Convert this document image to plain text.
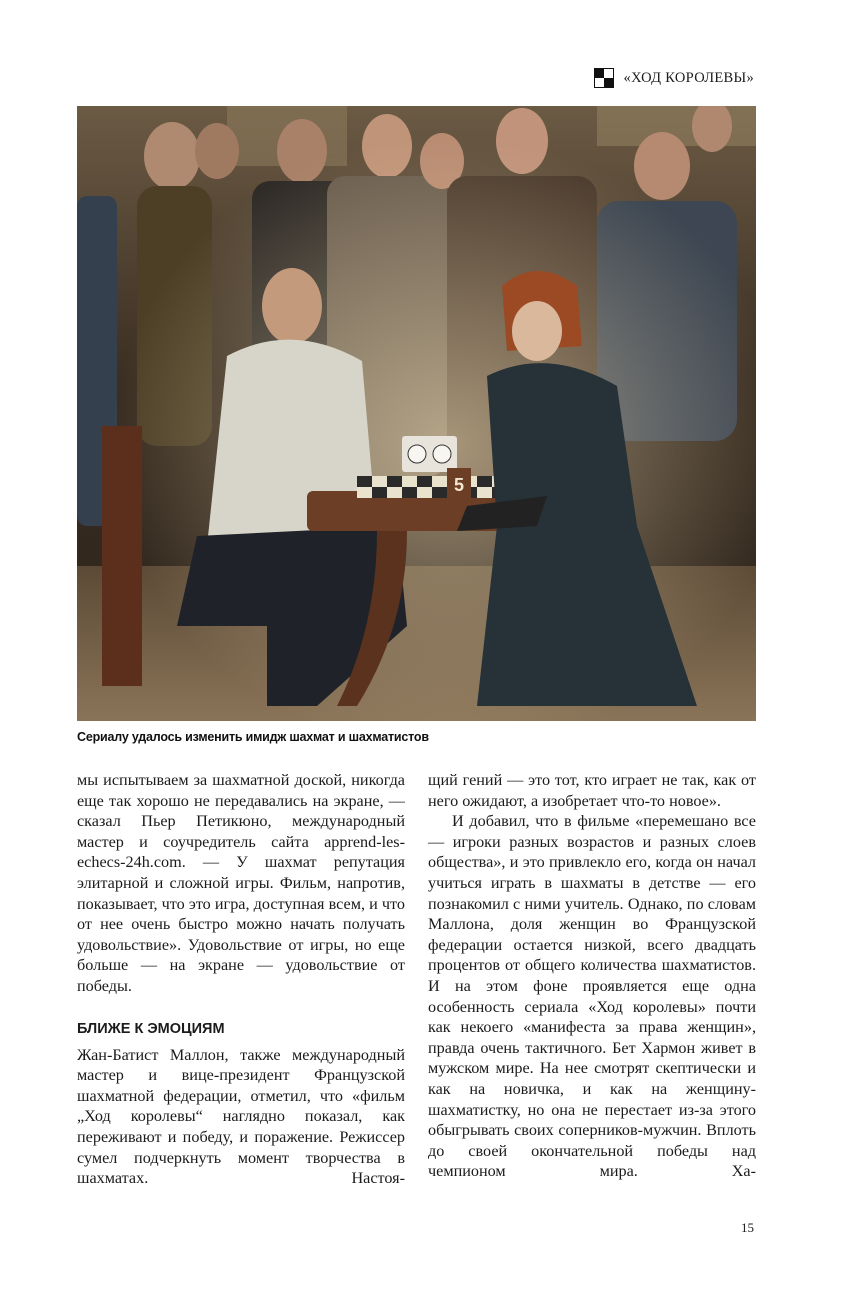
«ХОД КОРОЛЕВЫ»
5
Сериалу удалось изменить имидж шахмат и шахматистов

мы испытываем за шахматной доской, никогда еще так хорошо не передавались на экране, — сказал Пьер Петикюно, международный мастер и соучредитель сайта apprend-les-echecs-24h.com. — У шахмат репутация элитарной и сложной игры. Фильм, напротив, показывает, что это игра, доступная всем, и что от нее очень быстро можно начать получать удовольствие». Удовольствие от игры, но еще больше — на экране — удовольствие от победы.

БЛИЖЕ К ЭМОЦИЯМ

Жан-Батист Маллон, также международный мастер и вице-президент Французской шахматной федерации, отметил, что «фильм „Ход королевы“ наглядно показал, как переживают и победу, и поражение. Режиссер сумел подчеркнуть момент творчества в шахматах. Настоя-

щий гений — это тот, кто играет не так, как от него ожидают, а изобретает что-то новое».

И добавил, что в фильме «перемешано все — игроки разных возрастов и разных слоев общества», и это привлекло его, когда он начал учиться играть в шахматы в детстве — его познакомил с ними учитель. Однако, по словам Маллона, доля женщин во Французской федерации остается низкой, всего двадцать процентов от общего количества шахматистов. И на этом фоне проявляется еще одна особенность сериала «Ход королевы» почти как некоего «манифеста за права женщин», правда очень тактичного. Бет Хармон живет в мужском мире. На нее смотрят скептически и как на новичка, и как на женщину-шахматистку, но она не перестает из-за этого обыгрывать своих соперников-мужчин. Вплоть до своей окончательной победы над чемпионом мира. Ха-

15
